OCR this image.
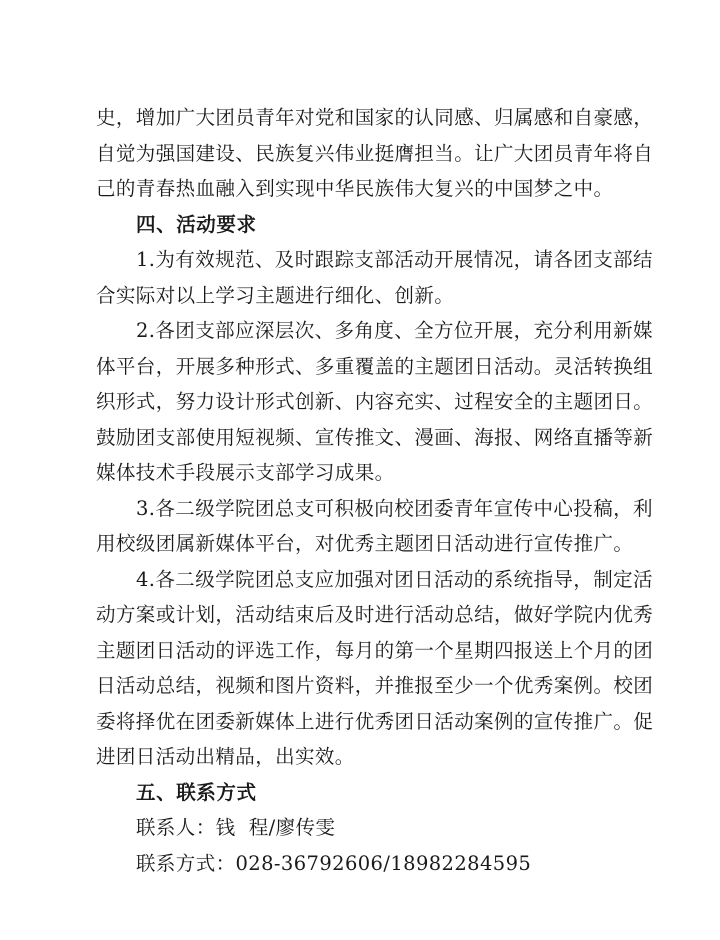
史，增加广大团员青年对党和国家的认同感、归属感和自豪感，
自觉为强国建设、民族复兴伟业挺膺担当。让广大团员青年将自
己的青春热血融入到实现中华民族伟大复兴的中国梦之中。
四、活动要求
1.为有效规范、及时跟踪支部活动开展情况，请各团支部结
合实际对以上学习主题进行细化、创新。
2.各团支部应深层次、多角度、全方位开展，充分利用新媒
体平台，开展多种形式、多重覆盖的主题团日活动。灵活转换组
织形式，努力设计形式创新、内容充实、过程安全的主题团日。
鼓励团支部使用短视频、宣传推文、漫画、海报、网络直播等新
媒体技术手段展示支部学习成果。
3.各二级学院团总支可积极向校团委青年宣传中心投稿，利
用校级团属新媒体平台，对优秀主题团日活动进行宣传推广。
4.各二级学院团总支应加强对团日活动的系统指导，制定活
动方案或计划，活动结束后及时进行活动总结，做好学院内优秀
主题团日活动的评选工作，每月的第一个星期四报送上个月的团
日活动总结，视频和图片资料，并推报至少一个优秀案例。校团
委将择优在团委新媒体上进行优秀团日活动案例的宣传推广。促
进团日活动出精品，出实效。
五、联系方式
联系人：钱  程/廖传雯
联系方式：028-36792606/18982284595
